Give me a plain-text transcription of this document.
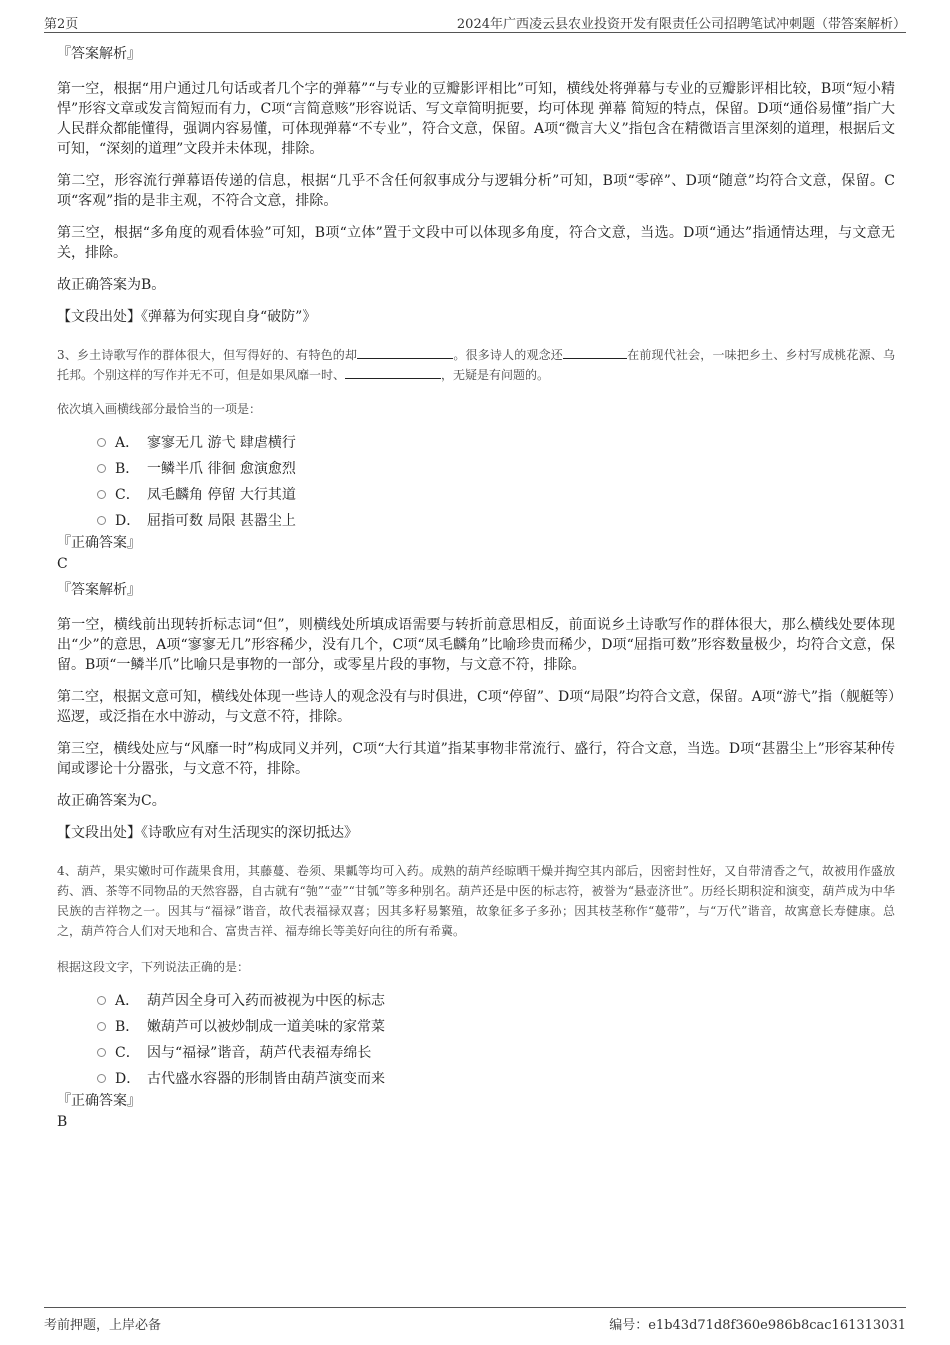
第2页	2024年广西凌云县农业投资开发有限责任公司招聘笔试冲刺题（带答案解析）
『答案解析』

第一空，根据“用户通过几句话或者几个字的弹幕”“与专业的豆瓣影评相比”可知，横线处将弹幕与专业的豆瓣影评相比较，B项“短小精悍”形容文章或发言简短而有力，C项“言简意赅”形容说话、写文章简明扼要，均可体现 弹幕 简短的特点，保留。D项“通俗易懂”指广大人民群众都能懂得，强调内容易懂，可体现弹幕“不专业”，符合文意，保留。A项“微言大义”指包含在精微语言里深刻的道理，根据后文可知，“深刻的道理”文段并未体现，排除。

第二空，形容流行弹幕语传递的信息，根据“几乎不含任何叙事成分与逻辑分析”可知，B项“零碎”、D项“随意”均符合文意，保留。C项“客观”指的是非主观，不符合文意，排除。

第三空，根据“多角度的观看体验”可知，B项“立体”置于文段中可以体现多角度，符合文意，当选。D项“通达”指通情达理，与文意无关，排除。

故正确答案为B。

【文段出处】《弹幕为何实现自身“破防”》

3、乡土诗歌写作的群体很大，但写得好的、有特色的却	。很多诗人的观念还	在前现代社会，一味把乡土、乡村写成桃花源、乌托邦。个别这样的写作并无不可，但是如果风靡一时、	，无疑是有问题的。

依次填入画横线部分最恰当的一项是：

A． 寥寥无几 游弋 肆虐横行
B． 一鳞半爪 徘徊 愈演愈烈
C． 凤毛麟角 停留 大行其道
D． 屈指可数 局限 甚嚣尘上
『正确答案』
C
『答案解析』

第一空，横线前出现转折标志词“但”，则横线处所填成语需要与转折前意思相反，前面说乡土诗歌写作的群体很大，那么横线处要体现出“少”的意思，A项“寥寥无几”形容稀少，没有几个，C项“凤毛麟角”比喻珍贵而稀少，D项“屈指可数”形容数量极少，均符合文意，保留。B项“一鳞半爪”比喻只是事物的一部分，或零星片段的事物，与文意不符，排除。

第二空，根据文意可知，横线处体现一些诗人的观念没有与时俱进，C项“停留”、D项“局限”均符合文意，保留。A项“游弋”指（舰艇等）巡逻，或泛指在水中游动，与文意不符，排除。

第三空，横线处应与“风靡一时”构成同义并列，C项“大行其道”指某事物非常流行、盛行，符合文意，当选。D项“甚嚣尘上”形容某种传闻或谬论十分嚣张，与文意不符，排除。

故正确答案为C。

【文段出处】《诗歌应有对生活现实的深切抵达》

4、葫芦，果实嫩时可作蔬果食用，其藤蔓、卷须、果瓤等均可入药。成熟的葫芦经晾晒干燥并掏空其内部后，因密封性好，又自带清香之气，故被用作盛放药、酒、茶等不同物品的天然容器，自古就有“匏”“壶”“甘瓠”等多种别名。葫芦还是中医的标志符，被誉为“悬壶济世”。历经长期积淀和演变，葫芦成为中华民族的吉祥物之一。因其与“福禄”谐音，故代表福禄双喜；因其多籽易繁殖，故象征多子多孙；因其枝茎称作“蔓带”，与“万代”谐音，故寓意长寿健康。总之，葫芦符合人们对天地和合、富贵吉祥、福寿绵长等美好向往的所有希冀。

根据这段文字，下列说法正确的是：

A． 葫芦因全身可入药而被视为中医的标志
B． 嫩葫芦可以被炒制成一道美味的家常菜
C． 因与“福禄”谐音，葫芦代表福寿绵长
D． 古代盛水容器的形制皆由葫芦演变而来
『正确答案』
B
考前押题，上岸必备	编号：e1b43d71d8f360e986b8cac161313031
